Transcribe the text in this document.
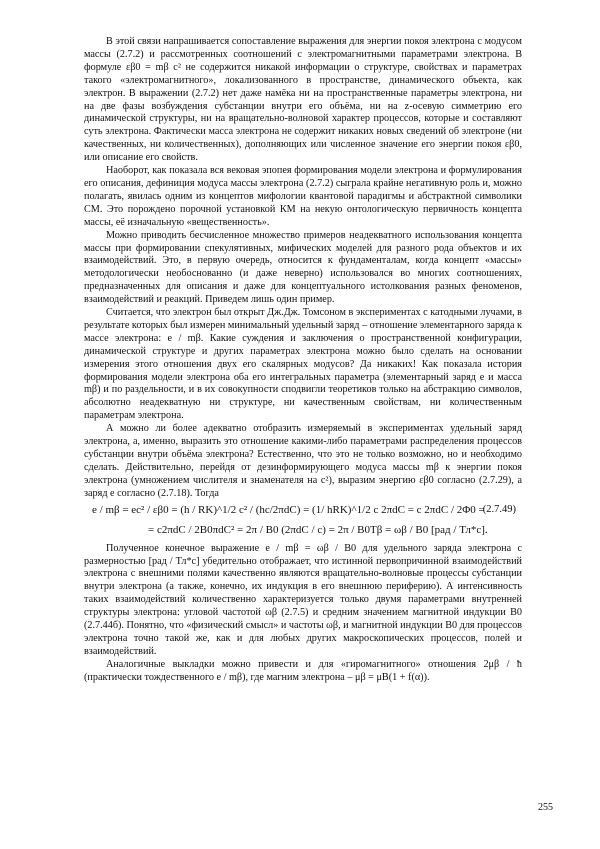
В этой связи напрашивается сопоставление выражения для энергии покоя электрона с модусом массы (2.7.2) и рассмотренных соотношений с электромагнитными параметрами электрона. В формуле εβ0 = mβ c² не содержится никакой информации о структуре, свойствах и параметрах такого «электромагнитного», локализованного в пространстве, динамического объекта, как электрон. В выражении (2.7.2) нет даже намёка ни на пространственные параметры электрона, ни на две фазы возбуждения субстанции внутри его объёма, ни на z-осевую симметрию его динамической структуры, ни на вращательно-волновой характер процессов, которые и составляют суть электрона. Фактически масса электрона не содержит никаких новых сведений об электроне (ни качественных, ни количественных), дополняющих или численное значение его энергии покоя εβ0, или описание его свойств.

Наоборот, как показала вся вековая эпопея формирования модели электрона и формулирования его описания, дефиниция модуса массы электрона (2.7.2) сыграла крайне негативную роль и, можно полагать, явилась одним из концептов мифологии квантовой парадигмы и абстрактной символики СМ. Это порождено порочной установкой КМ на некую онтологическую первичность концепта массы, её изначальную «вещественность».

Можно приводить бесчисленное множество примеров неадекватного использования концепта массы при формировании спекулятивных, мифических моделей для разного рода объектов и их взаимодействий. Это, в первую очередь, относится к фундаменталам, когда концепт «массы» методологически необоснованно (и даже неверно) использовался во многих соотношениях, предназначенных для описания и даже для концептуального истолкования разных феноменов, взаимодействий и реакций. Приведем лишь один пример.

Считается, что электрон был открыт Дж.Дж. Томсоном в экспериментах с катодными лучами, в результате которых был измерен минимальный удельный заряд – отношение элементарного заряда к массе электрона: e / mβ. Какие суждения и заключения о пространственной конфигурации, динамической структуре и других параметрах электрона можно было сделать на основании измерения этого отношения двух его скалярных модусов? Да никаких! Как показала история формирования модели электрона оба его интегральных параметра (элементарный заряд e и масса mβ) и по раздельности, и в их совокупности сподвигли теоретиков только на абстракцию символов, абсолютно неадекватную ни структуре, ни качественным свойствам, ни количественным параметрам электрона.

А можно ли более адекватно отобразить измеряемый в экспериментах удельный заряд электрона, а, именно, выразить это отношение какими-либо параметрами распределения процессов субстанции внутри объёма электрона? Естественно, что это не только возможно, но и необходимо сделать. Действительно, перейдя от дезинформирующего модуса массы mβ к энергии покоя электрона (умножением числителя и знаменателя на c²), выразим энергию εβ0 согласно (2.7.29), а заряд e согласно (2.7.18). Тогда

e / mβ = ec² / εβ0 = (h / RK)^1/2 c² / (hc/2πdC) = (1/ hRK)^1/2 c 2πdC = c 2πdC / 2Φ0 =
(2.7.49)
= c2πdC / 2B0πdC² = 2π / B0 (2πdC / c) = 2π / B0Tβ = ωβ / B0 [рад / Тл*с].

Полученное конечное выражение e / mβ = ωβ / B0 для удельного заряда электрона с размерностью [рад / Тл*с] убедительно отображает, что истинной первопричинной взаимодействий электрона с внешними полями качественно являются вращательно-волновые процессы субстанции внутри электрона (а также, конечно, их индукция в его внешнюю периферию). А интенсивность таких взаимодействий количественно характеризуется только двумя параметрами внутренней структуры электрона: угловой частотой ωβ (2.7.5) и средним значением магнитной индукции B0 (2.7.44б). Понятно, что «физический смысл» и частоты ωβ, и магнитной индукции B0 для процессов электрона точно такой же, как и для любых других макроскопических процессов, полей и взаимодействий.

Аналогичные выкладки можно привести и для «гиромагнитного» отношения 2μβ / ħ (практически тождественного e / mβ), где магним электрона – μβ = μB(1 + f(α)).

255
